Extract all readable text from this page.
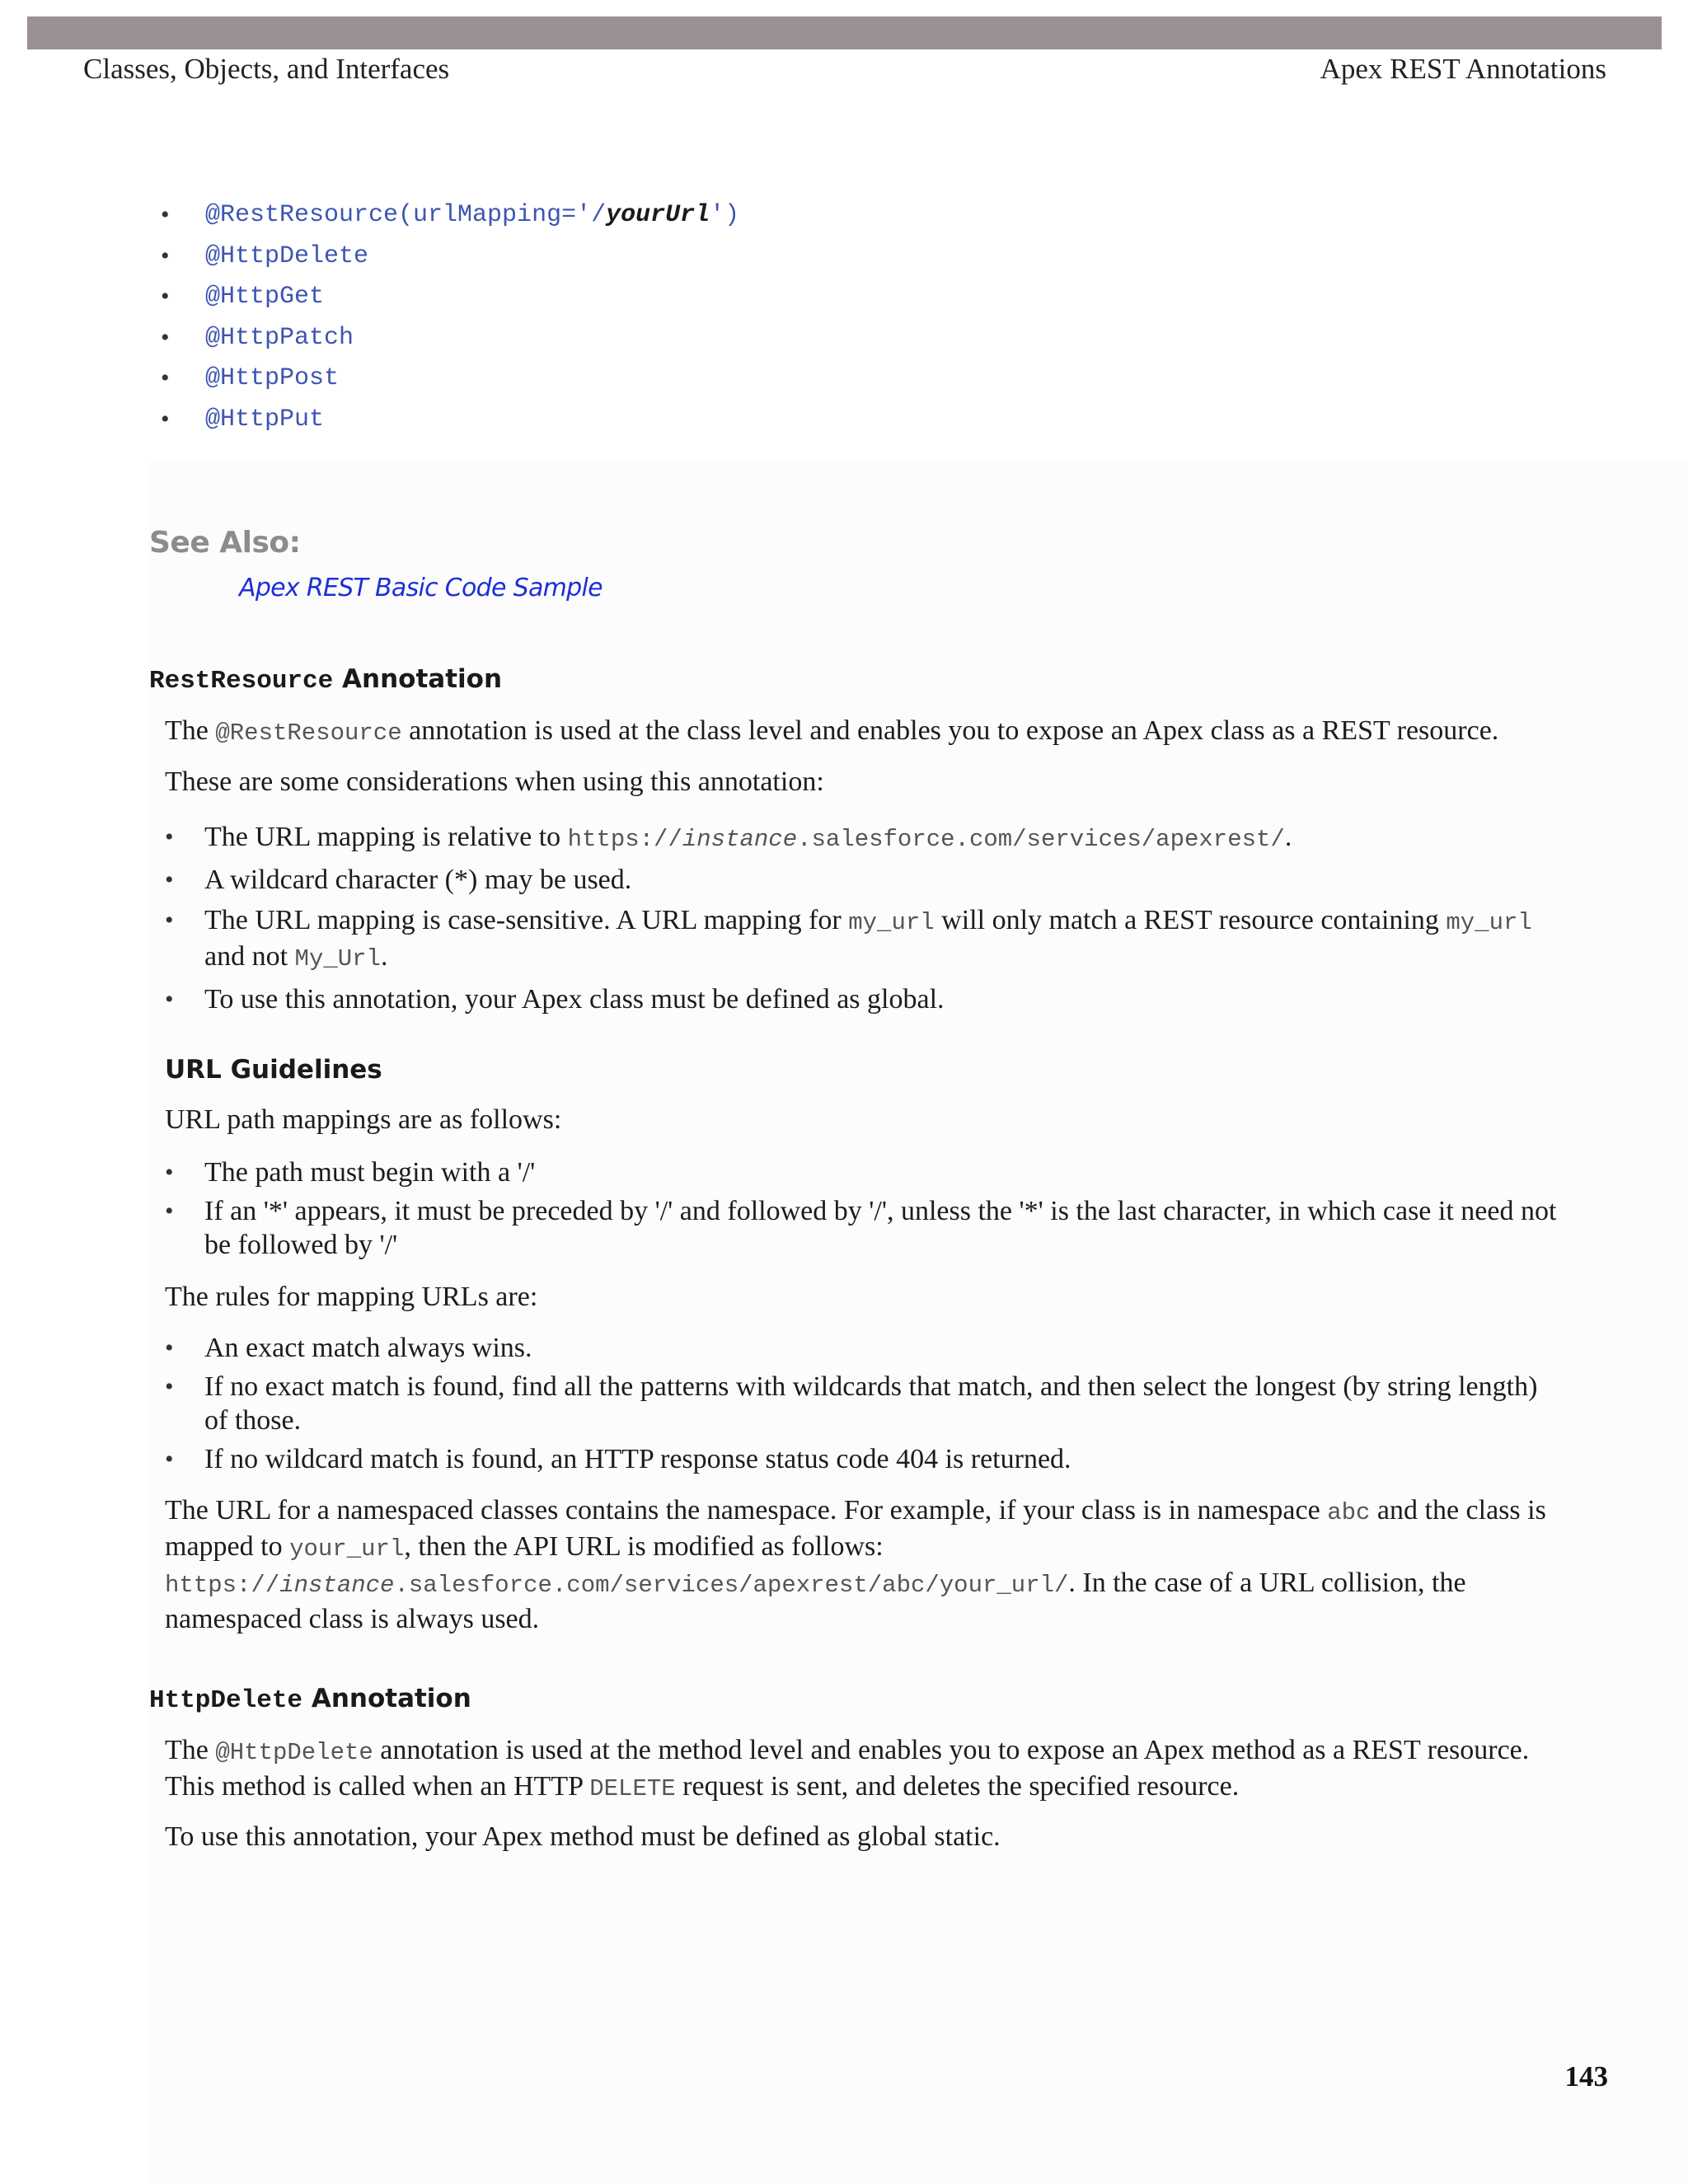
Classes, Objects, and Interfaces	Apex REST Annotations
• @RestResource(urlMapping='/yourUrl')
• @HttpDelete
• @HttpGet
• @HttpPatch
• @HttpPost
• @HttpPut
See Also:
Apex REST Basic Code Sample
RestResource Annotation

The @RestResource annotation is used at the class level and enables you to expose an Apex class as a REST resource.

These are some considerations when using this annotation:

• The URL mapping is relative to https://instance.salesforce.com/services/apexrest/.
• A wildcard character (*) may be used.
• The URL mapping is case-sensitive. A URL mapping for my_url will only match a REST resource containing my_url and not My_Url.
• To use this annotation, your Apex class must be defined as global.
URL Guidelines

URL path mappings are as follows:

• The path must begin with a '/'
• If an '*' appears, it must be preceded by '/' and followed by '/', unless the '*' is the last character, in which case it need not be followed by '/'

The rules for mapping URLs are:

• An exact match always wins.
• If no exact match is found, find all the patterns with wildcards that match, and then select the longest (by string length) of those.
• If no wildcard match is found, an HTTP response status code 404 is returned.

The URL for a namespaced classes contains the namespace. For example, if your class is in namespace abc and the class is mapped to your_url, then the API URL is modified as follows: https://instance.salesforce.com/services/apexrest/abc/your_url/. In the case of a URL collision, the namespaced class is always used.

HttpDelete Annotation

The @HttpDelete annotation is used at the method level and enables you to expose an Apex method as a REST resource. This method is called when an HTTP DELETE request is sent, and deletes the specified resource.

To use this annotation, your Apex method must be defined as global static.

143
